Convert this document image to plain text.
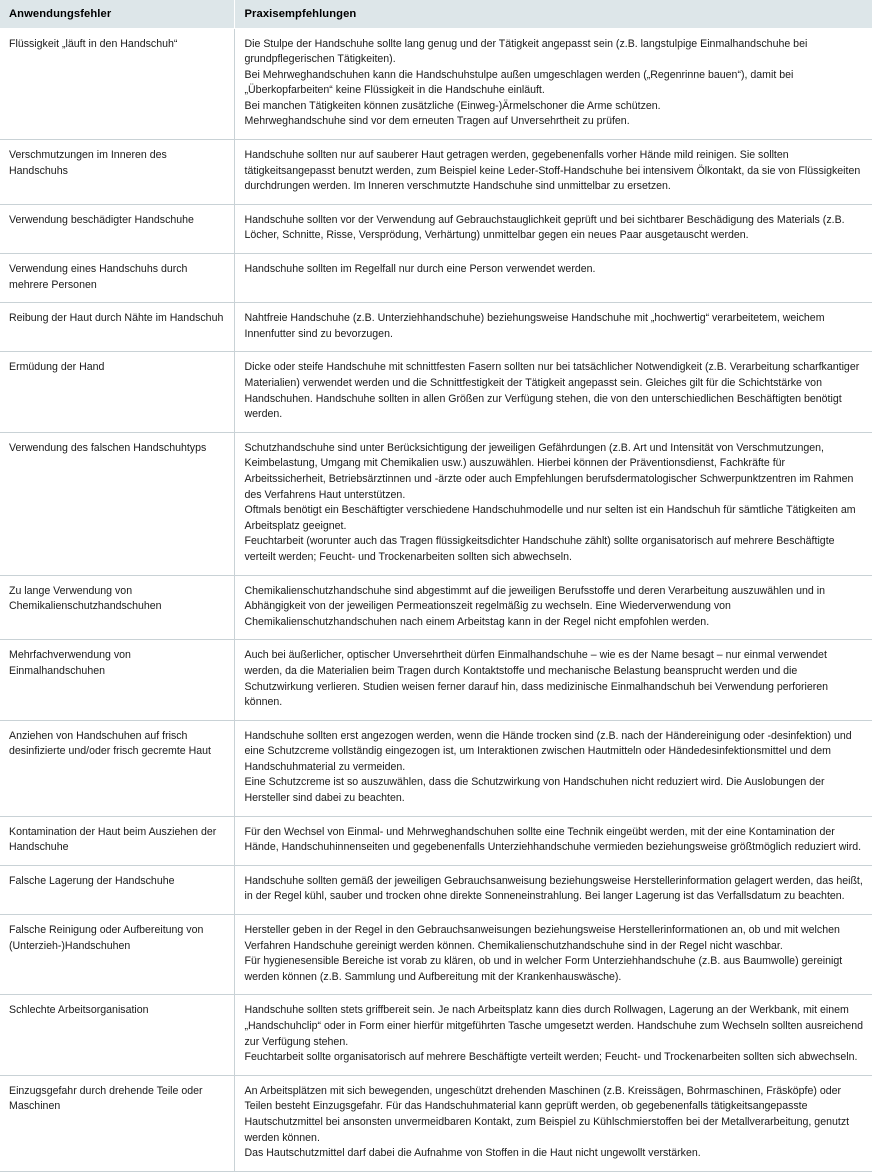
Anwendungsfehler	Praxisempfehlungen

Flüssigkeit „läuft in den Handschuh“	Die Stulpe der Handschuhe sollte lang genug und der Tätigkeit angepasst sein (z.B. langstulpige Einmalhandschuhe bei grundpflegerischen Tätigkeiten).

Bei Mehrweghandschuhen kann die Handschuhstulpe außen umgeschlagen werden („Regenrinne bauen“), damit bei „Überkopfarbeiten“ keine Flüssigkeit in die Handschuhe einläuft.

Bei manchen Tätigkeiten können zusätzliche (Einweg-)Ärmelschoner die Arme schützen.

Mehrweghandschuhe sind vor dem erneuten Tragen auf Unversehrtheit zu prüfen.

Verschmutzungen im Inneren des Handschuhs	Handschuhe sollten nur auf sauberer Haut getragen werden, gegebenenfalls vorher Hände mild reinigen. Sie sollten tätigkeitsangepasst benutzt werden, zum Beispiel keine Leder-Stoff-Handschuhe bei intensivem Ölkontakt, da sie von Flüssigkeiten durchdrungen werden. Im Inneren verschmutzte Handschuhe sind unmittelbar zu ersetzen.

Verwendung beschädigter Handschuhe	Handschuhe sollten vor der Verwendung auf Gebrauchstauglichkeit geprüft und bei sichtbarer Beschädigung des Materials (z.B. Löcher, Schnitte, Risse, Versprödung, Verhärtung) unmittelbar gegen ein neues Paar ausgetauscht werden.

Verwendung eines Handschuhs durch mehrere Personen	Handschuhe sollten im Regelfall nur durch eine Person verwendet werden.

Reibung der Haut durch Nähte im Handschuh	Nahtfreie Handschuhe (z.B. Unterziehhandschuhe) beziehungsweise Handschuhe mit „hochwertig“ verarbeitetem, weichem Innenfutter sind zu bevorzugen.

Ermüdung der Hand	Dicke oder steife Handschuhe mit schnittfesten Fasern sollten nur bei tatsächlicher Notwendigkeit (z.B. Verarbeitung scharfkantiger Materialien) verwendet werden und die Schnittfestigkeit der Tätigkeit angepasst sein. Gleiches gilt für die Schichtstärke von Handschuhen. Handschuhe sollten in allen Größen zur Verfügung stehen, die von den unterschiedlichen Beschäftigten benötigt werden.

Verwendung des falschen Handschuhtyps	Schutzhandschuhe sind unter Berücksichtigung der jeweiligen Gefährdungen (z.B. Art und Intensität von Verschmutzungen, Keimbelastung, Umgang mit Chemikalien usw.) auszuwählen. Hierbei können der Präventionsdienst, Fachkräfte für Arbeitssicherheit, Betriebsärztinnen und -ärzte oder auch Empfehlungen berufsdermatologischer Schwerpunktzentren im Rahmen des Verfahrens Haut unterstützen.

Oftmals benötigt ein Beschäftigter verschiedene Handschuhmodelle und nur selten ist ein Handschuh für sämtliche Tätigkeiten am Arbeitsplatz geeignet.

Feuchtarbeit (worunter auch das Tragen flüssigkeitsdichter Handschuhe zählt) sollte organisatorisch auf mehrere Beschäftigte verteilt werden; Feucht- und Trockenarbeiten sollten sich abwechseln.

Zu lange Verwendung von Chemikalienschutzhandschuhen	Chemikalienschutzhandschuhe sind abgestimmt auf die jeweiligen Berufsstoffe und deren Verarbeitung auszuwählen und in Abhängigkeit von der jeweiligen Permeationszeit regelmäßig zu wechseln. Eine Wiederverwendung von Chemikalienschutzhandschuhen nach einem Arbeitstag kann in der Regel nicht empfohlen werden.

Mehrfachverwendung von Einmalhandschuhen	Auch bei äußerlicher, optischer Unversehrtheit dürfen Einmalhandschuhe – wie es der Name besagt – nur einmal verwendet werden, da die Materialien beim Tragen durch Kontaktstoffe und mechanische Belastung beansprucht werden und die Schutzwirkung verlieren. Studien weisen ferner darauf hin, dass medizinische Einmalhandschuh bei Verwendung perforieren können.

Anziehen von Handschuhen auf frisch desinfizierte und/oder frisch gecremte Haut	Handschuhe sollten erst angezogen werden, wenn die Hände trocken sind (z.B. nach der Händereinigung oder -desinfektion) und eine Schutzcreme vollständig eingezogen ist, um Interaktionen zwischen Hautmitteln oder Händedesinfektionsmittel und dem Handschuhmaterial zu vermeiden.

Eine Schutzcreme ist so auszuwählen, dass die Schutzwirkung von Handschuhen nicht reduziert wird. Die Auslobungen der Hersteller sind dabei zu beachten.

Kontamination der Haut beim Ausziehen der Handschuhe	Für den Wechsel von Einmal- und Mehrweghandschuhen sollte eine Technik eingeübt werden, mit der eine Kontamination der Hände, Handschuhinnenseiten und gegebenenfalls Unterziehhandschuhe vermieden beziehungsweise größtmöglich reduziert wird.

Falsche Lagerung der Handschuhe	Handschuhe sollten gemäß der jeweiligen Gebrauchsanweisung beziehungsweise Herstellerinformation gelagert werden, das heißt, in der Regel kühl, sauber und trocken ohne direkte Sonneneinstrahlung. Bei langer Lagerung ist das Verfallsdatum zu beachten.

Falsche Reinigung oder Aufbereitung von (Unterzieh-)Handschuhen	Hersteller geben in der Regel in den Gebrauchsanweisungen beziehungsweise Herstellerinformationen an, ob und mit welchen Verfahren Handschuhe gereinigt werden können. Chemikalienschutzhandschuhe sind in der Regel nicht waschbar.

Für hygienesensible Bereiche ist vorab zu klären, ob und in welcher Form Unterziehhandschuhe (z.B. aus Baumwolle) gereinigt werden können (z.B. Sammlung und Aufbereitung mit der Krankenhauswäsche).

Schlechte Arbeitsorganisation	Handschuhe sollten stets griffbereit sein. Je nach Arbeitsplatz kann dies durch Rollwagen, Lagerung an der Werkbank, mit einem „Handschuhclip“ oder in Form einer hierfür mitgeführten Tasche umgesetzt werden. Handschuhe zum Wechseln sollten ausreichend zur Verfügung stehen.

Feuchtarbeit sollte organisatorisch auf mehrere Beschäftigte verteilt werden; Feucht- und Trockenarbeiten sollten sich abwechseln.

Einzugsgefahr durch drehende Teile oder Maschinen	An Arbeitsplätzen mit sich bewegenden, ungeschützt drehenden Maschinen (z.B. Kreissägen, Bohrmaschinen, Fräsköpfe) oder Teilen besteht Einzugsgefahr. Für das Handschuhmaterial kann geprüft werden, ob gegebenenfalls tätigkeitsangepasste Hautschutzmittel bei ansonsten unvermeidbaren Kontakt, zum Beispiel zu Kühlschmierstoffen bei der Metallverarbeitung, genutzt werden können.

Das Hautschutzmittel darf dabei die Aufnahme von Stoffen in die Haut nicht ungewollt verstärken.
